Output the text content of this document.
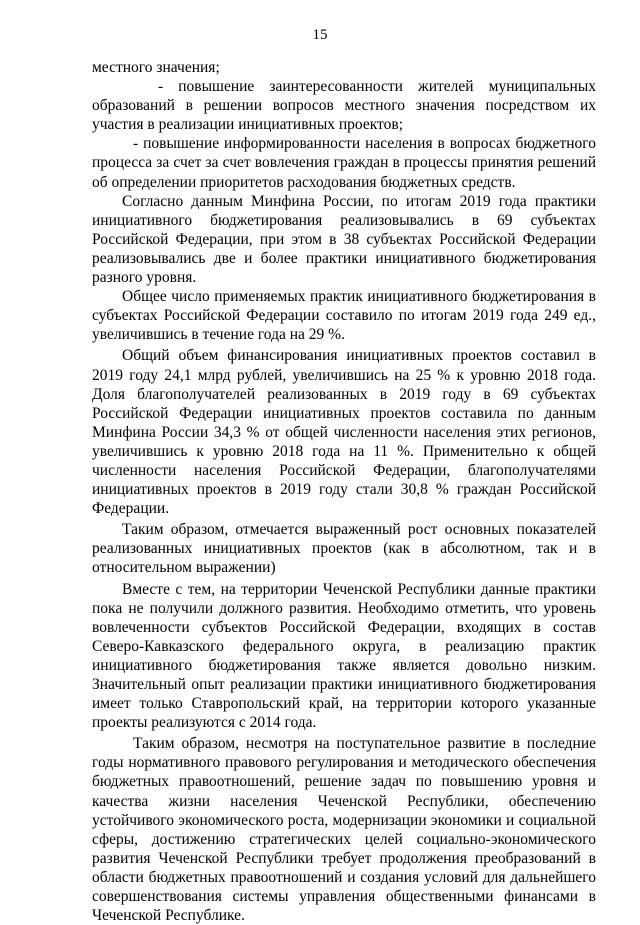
15

местного значения;

- повышение заинтересованности жителей муниципальных образований в решении вопросов местного значения посредством их участия в реализации инициативных проектов;

- повышение информированности населения в вопросах бюджетного процесса за счет за счет вовлечения граждан в процессы принятия решений об определении приоритетов расходования бюджетных средств.

Согласно данным Минфина России, по итогам 2019 года практики инициативного бюджетирования реализовывались в 69 субъектах Российской Федерации, при этом в 38 субъектах Российской Федерации реализовывались две и более практики инициативного бюджетирования разного уровня.

Общее число применяемых практик инициативного бюджетирования в субъектах Российской Федерации составило по итогам 2019 года 249 ед., увеличившись в течение года на 29 %.

Общий объем финансирования инициативных проектов составил в 2019 году 24,1 млрд рублей, увеличившись на 25 % к уровню 2018 года. Доля благополучателей реализованных в 2019 году в 69 субъектах Российской Федерации инициативных проектов составила по данным Минфина России 34,3 % от общей численности населения этих регионов, увеличившись к уровню 2018 года на 11 %. Применительно к общей численности населения Российской Федерации, благополучателями инициативных проектов в 2019 году стали 30,8 % граждан Российской Федерации.

Таким образом, отмечается выраженный рост основных показателей реализованных инициативных проектов (как в абсолютном, так и в относительном выражении)

Вместе с тем, на территории Чеченской Республики данные практики пока не получили должного развития. Необходимо отметить, что уровень вовлеченности субъектов Российской Федерации, входящих в состав Северо-Кавказского федерального округа, в реализацию практик инициативного бюджетирования также является довольно низким. Значительный опыт реализации практики инициативного бюджетирования имеет только Ставропольский край, на территории которого указанные проекты реализуются с 2014 года.

Таким образом, несмотря на поступательное развитие в последние годы нормативного правового регулирования и методического обеспечения бюджетных правоотношений, решение задач по повышению уровня и качества жизни населения Чеченской Республики, обеспечению устойчивого экономического роста, модернизации экономики и социальной сферы, достижению стратегических целей социально-экономического развития Чеченской Республики требует продолжения преобразований в области бюджетных правоотношений и создания условий для дальнейшего совершенствования системы управления общественными финансами в Чеченской Республике.
